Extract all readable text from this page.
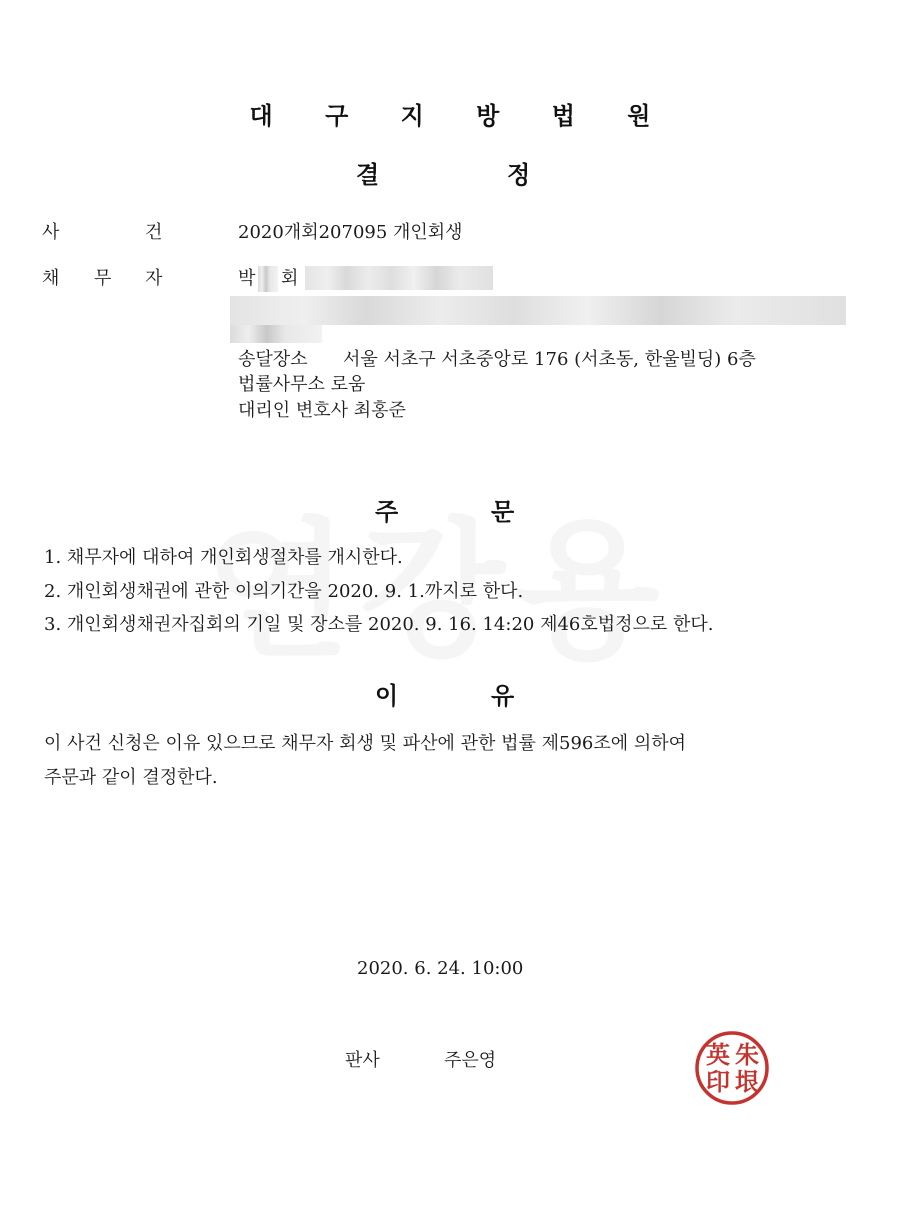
대 구 지 방 법 원
결	정
사	건	2020개회207095 개인회생
채 무 자	박 회
송달장소 서울 서초구 서초중앙로 176 (서초동, 한울빌딩) 6층
법률사무소 로움
대리인 변호사 최홍준
주	문
1. 채무자에 대하여 개인회생절차를 개시한다.
2. 개인회생채권에 관한 이의기간을 2020. 9. 1.까지로 한다.
3. 개인회생채권자집회의 기일 및 장소를 2020. 9. 16. 14:20 제46호법정으로 한다.
이	유
이 사건 신청은 이유 있으므로 채무자 회생 및 파산에 관한 법률 제596조에 의하여
주문과 같이 결정한다.
2020. 6. 24. 10:00
판사	주은영	朱
垠
英
印
